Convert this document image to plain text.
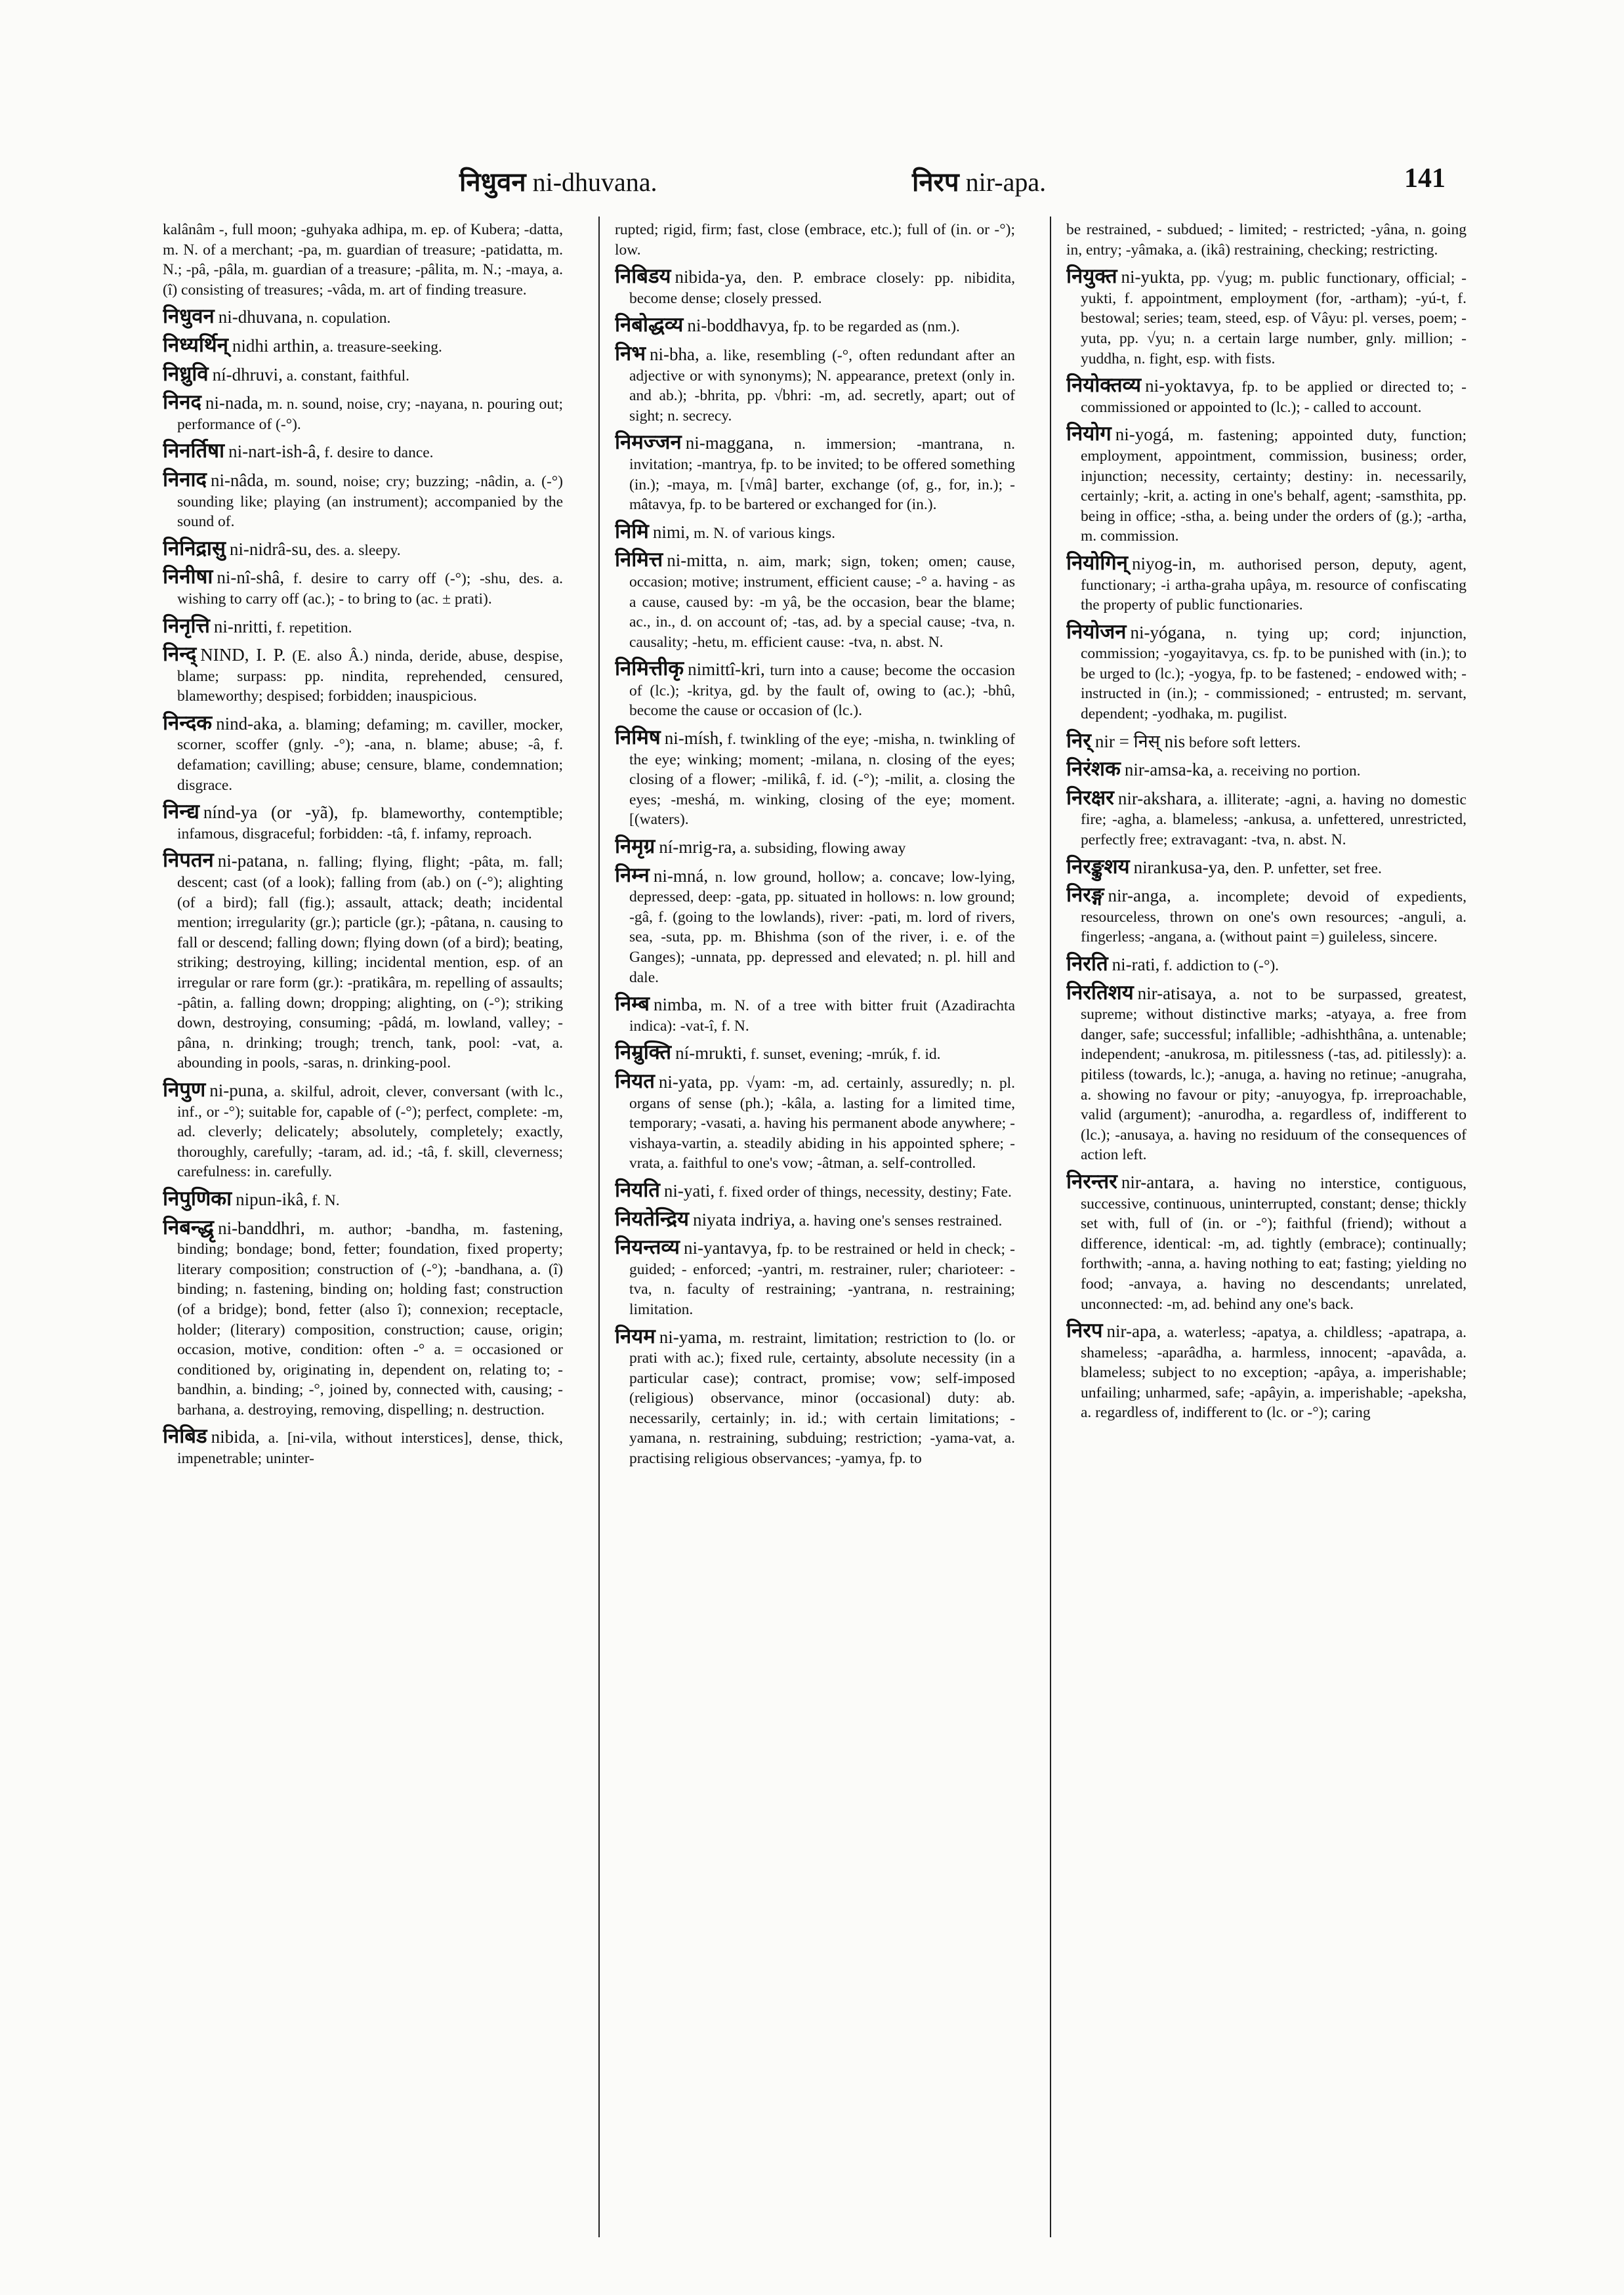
निधुवन ni-dhuvana.	निरप nir-apa.	141

kalânâm -, full moon; -guhyaka adhipa, m. ep. of Kubera; -datta, m. N. of a merchant; -pa, m. guardian of treasure; -patidatta, m. N.; -pâ, -pâla, m. guardian of a treasure; -pâlita, m. N.; -maya, a. (î) consisting of treasures; -vâda, m. art of finding treasure.

निधुवन ni-dhuvana, n. copulation.

निध्यर्थिन् nidhi arthin, a. treasure-seeking.

निध्रुवि ní-dhruvi, a. constant, faithful.

निनद ni-nada, m. n. sound, noise, cry; -nayana, n. pouring out; performance of (-°).

निनर्तिषा ni-nart-ish-â, f. desire to dance.

निनाद ni-nâda, m. sound, noise; cry; buzzing; -nâdin, a. (-°) sounding like; playing (an instrument); accompanied by the sound of.

निनिद्रासु ni-nidrâ-su, des. a. sleepy.

निनीषा ni-nî-shâ, f. desire to carry off (-°); -shu, des. a. wishing to carry off (ac.); - to bring to (ac. ± prati).

निनृत्ति ni-nritti, f. repetition.

निन्द् NIND, I. P. (E. also Â.) ninda, deride, abuse, despise, blame; surpass: pp. nindita, reprehended, censured, blameworthy; despised; forbidden; inauspicious.

निन्दक nind-aka, a. blaming; defaming; m. caviller, mocker, scorner, scoffer (gnly. -°); -ana, n. blame; abuse; -â, f. defamation; cavilling; abuse; censure, blame, condemnation; disgrace.

निन्द्य nínd-ya (or -yã), fp. blameworthy, contemptible; infamous, disgraceful; forbidden: -tâ, f. infamy, reproach.

निपतन ni-patana, n. falling; flying, flight; -pâta, m. fall; descent; cast (of a look); falling from (ab.) on (-°); alighting (of a bird); fall (fig.); assault, attack; death; incidental mention; irregularity (gr.); particle (gr.); -pâtana, n. causing to fall or descend; falling down; flying down (of a bird); beating, striking; destroying, killing; incidental mention, esp. of an irregular or rare form (gr.): -pratikâra, m. repelling of assaults; -pâtin, a. falling down; dropping; alighting, on (-°); striking down, destroying, consuming; -pâdá, m. lowland, valley; -pâna, n. drinking; trough; trench, tank, pool: -vat, a. abounding in pools, -saras, n. drinking-pool.

निपुण ni-puna, a. skilful, adroit, clever, conversant (with lc., inf., or -°); suitable for, capable of (-°); perfect, complete: -m, ad. cleverly; delicately; absolutely, completely; exactly, thoroughly, carefully; -taram, ad. id.; -tâ, f. skill, cleverness; carefulness: in. carefully.

निपुणिका nipun-ikâ, f. N.

निबन्द्धृ ni-banddhri, m. author; -bandha, m. fastening, binding; bondage; bond, fetter; foundation, fixed property; literary composition; construction of (-°); -bandhana, a. (î) binding; n. fastening, binding on; holding fast; construction (of a bridge); bond, fetter (also î); connexion; receptacle, holder; (literary) composition, construction; cause, origin; occasion, motive, condition: often -° a. = occasioned or conditioned by, originating in, dependent on, relating to; -bandhin, a. binding; -°, joined by, connected with, causing; -barhana, a. destroying, removing, dispelling; n. destruction.

निबिड nibida, a. [ni-vila, without interstices], dense, thick, impenetrable; uninter-

rupted; rigid, firm; fast, close (embrace, etc.); full of (in. or -°); low.

निबिडय nibida-ya, den. P. embrace closely: pp. nibidita, become dense; closely pressed.

निबोद्धव्य ni-boddhavya, fp. to be regarded as (nm.).

निभ ni-bha, a. like, resembling (-°, often redundant after an adjective or with synonyms); N. appearance, pretext (only in. and ab.); -bhrita, pp. √bhri: -m, ad. secretly, apart; out of sight; n. secrecy.

निमज्जन ni-maggana, n. immersion; -mantrana, n. invitation; -mantrya, fp. to be invited; to be offered something (in.); -maya, m. [√mâ] barter, exchange (of, g., for, in.); -mâtavya, fp. to be bartered or exchanged for (in.).

निमि nimi, m. N. of various kings.

निमित्त ni-mitta, n. aim, mark; sign, token; omen; cause, occasion; motive; instrument, efficient cause; -° a. having - as a cause, caused by: -m yâ, be the occasion, bear the blame; ac., in., d. on account of; -tas, ad. by a special cause; -tva, n. causality; -hetu, m. efficient cause: -tva, n. abst. N.

निमित्तीकृ nimittî-kri, turn into a cause; become the occasion of (lc.); -kritya, gd. by the fault of, owing to (ac.); -bhû, become the cause or occasion of (lc.).

निमिष ni-mísh, f. twinkling of the eye; -misha, n. twinkling of the eye; winking; moment; -milana, n. closing of the eyes; closing of a flower; -milikâ, f. id. (-°); -milit, a. closing the eyes; -meshá, m. winking, closing of the eye; moment. [(waters).

निमृग्र ní-mrig-ra, a. subsiding, flowing away

निम्न ni-mná, n. low ground, hollow; a. concave; low-lying, depressed, deep: -gata, pp. situated in hollows: n. low ground; -gâ, f. (going to the lowlands), river: -pati, m. lord of rivers, sea, -suta, pp. m. Bhishma (son of the river, i. e. of the Ganges); -unnata, pp. depressed and elevated; n. pl. hill and dale.

निम्ब nimba, m. N. of a tree with bitter fruit (Azadirachta indica): -vat-î, f. N.

निम्रुक्ति ní-mrukti, f. sunset, evening; -mrúk, f. id.

नियत ni-yata, pp. √yam: -m, ad. certainly, assuredly; n. pl. organs of sense (ph.); -kâla, a. lasting for a limited time, temporary; -vasati, a. having his permanent abode anywhere; -vishaya-vartin, a. steadily abiding in his appointed sphere; -vrata, a. faithful to one's vow; -âtman, a. self-controlled.

नियति ni-yati, f. fixed order of things, necessity, destiny; Fate.

नियतेन्द्रिय niyata indriya, a. having one's senses restrained.

नियन्तव्य ni-yantavya, fp. to be restrained or held in check; - guided; - enforced; -yantri, m. restrainer, ruler; charioteer: -tva, n. faculty of restraining; -yantrana, n. restraining; limitation.

नियम ni-yama, m. restraint, limitation; restriction to (lo. or prati with ac.); fixed rule, certainty, absolute necessity (in a particular case); contract, promise; vow; self-imposed (religious) observance, minor (occasional) duty: ab. necessarily, certainly; in. id.; with certain limitations; -yamana, n. restraining, subduing; restriction; -yama-vat, a. practising religious observances; -yamya, fp. to

be restrained, - subdued; - limited; - restricted; -yâna, n. going in, entry; -yâmaka, a. (ikâ) restraining, checking; restricting.

नियुक्त ni-yukta, pp. √yug; m. public functionary, official; -yukti, f. appointment, employment (for, -artham); -yú-t, f. bestowal; series; team, steed, esp. of Vâyu: pl. verses, poem; -yuta, pp. √yu; n. a certain large number, gnly. million; -yuddha, n. fight, esp. with fists.

नियोक्तव्य ni-yoktavya, fp. to be applied or directed to; - commissioned or appointed to (lc.); - called to account.

नियोग ni-yogá, m. fastening; appointed duty, function; employment, appointment, commission, business; order, injunction; necessity, certainty; destiny: in. necessarily, certainly; -krit, a. acting in one's behalf, agent; -samsthita, pp. being in office; -stha, a. being under the orders of (g.); -artha, m. commission.

नियोगिन् niyog-in, m. authorised person, deputy, agent, functionary; -i artha-graha upâya, m. resource of confiscating the property of public functionaries.

नियोजन ni-yógana, n. tying up; cord; injunction, commission; -yogayitavya, cs. fp. to be punished with (in.); to be urged to (lc.); -yogya, fp. to be fastened; - endowed with; - instructed in (in.); - commissioned; - entrusted; m. servant, dependent; -yodhaka, m. pugilist.

निर् nir = निस् nis before soft letters.

निरंशक nir-amsa-ka, a. receiving no portion.

निरक्षर nir-akshara, a. illiterate; -agni, a. having no domestic fire; -agha, a. blameless; -ankusa, a. unfettered, unrestricted, perfectly free; extravagant: -tva, n. abst. N.

निरङ्कुशय nirankusa-ya, den. P. unfetter, set free.

निरङ्ग nir-anga, a. incomplete; devoid of expedients, resourceless, thrown on one's own resources; -anguli, a. fingerless; -angana, a. (without paint =) guileless, sincere.

निरति ni-rati, f. addiction to (-°).

निरतिशय nir-atisaya, a. not to be surpassed, greatest, supreme; without distinctive marks; -atyaya, a. free from danger, safe; successful; infallible; -adhishthâna, a. untenable; independent; -anukrosa, m. pitilessness (-tas, ad. pitilessly): a. pitiless (towards, lc.); -anuga, a. having no retinue; -anugraha, a. showing no favour or pity; -anuyogya, fp. irreproachable, valid (argument); -anurodha, a. regardless of, indifferent to (lc.); -anusaya, a. having no residuum of the consequences of action left.

निरन्तर nir-antara, a. having no interstice, contiguous, successive, continuous, uninterrupted, constant; dense; thickly set with, full of (in. or -°); faithful (friend); without a difference, identical: -m, ad. tightly (embrace); continually; forthwith; -anna, a. having nothing to eat; fasting; yielding no food; -anvaya, a. having no descendants; unrelated, unconnected: -m, ad. behind any one's back.

निरप nir-apa, a. waterless; -apatya, a. childless; -apatrapa, a. shameless; -aparâdha, a. harmless, innocent; -apavâda, a. blameless; subject to no exception; -apâya, a. imperishable; unfailing; unharmed, safe; -apâyin, a. imperishable; -apeksha, a. regardless of, indifferent to (lc. or -°); caring
